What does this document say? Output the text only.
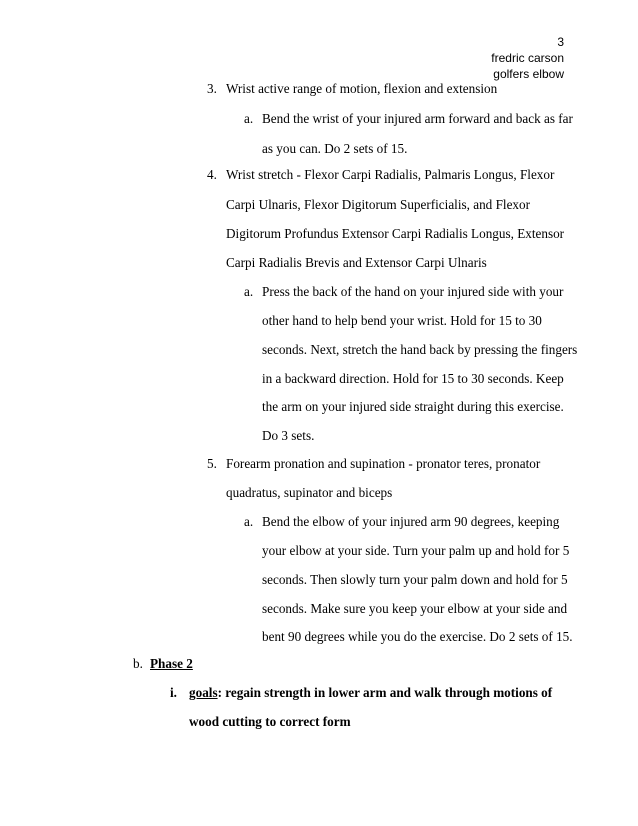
3
fredric carson
golfers elbow
3. Wrist active range of motion, flexion and extension
a. Bend the wrist of your injured arm forward and back as far
as you can. Do 2 sets of 15.
4. Wrist stretch - Flexor Carpi Radialis, Palmaris Longus, Flexor
Carpi Ulnaris, Flexor Digitorum Superficialis, and Flexor
Digitorum Profundus Extensor Carpi Radialis Longus, Extensor
Carpi Radialis Brevis and Extensor Carpi Ulnaris
a. Press the back of the hand on your injured side with your
other hand to help bend your wrist. Hold for 15 to 30
seconds. Next, stretch the hand back by pressing the fingers
in a backward direction. Hold for 15 to 30 seconds. Keep
the arm on your injured side straight during this exercise.
Do 3 sets.
5. Forearm pronation and supination - pronator teres, pronator
quadratus, supinator and biceps
a. Bend the elbow of your injured arm 90 degrees, keeping
your elbow at your side. Turn your palm up and hold for 5
seconds. Then slowly turn your palm down and hold for 5
seconds. Make sure you keep your elbow at your side and
bent 90 degrees while you do the exercise. Do 2 sets of 15.
b. Phase 2
i. goals: regain strength in lower arm and walk through motions of
wood cutting to correct form
